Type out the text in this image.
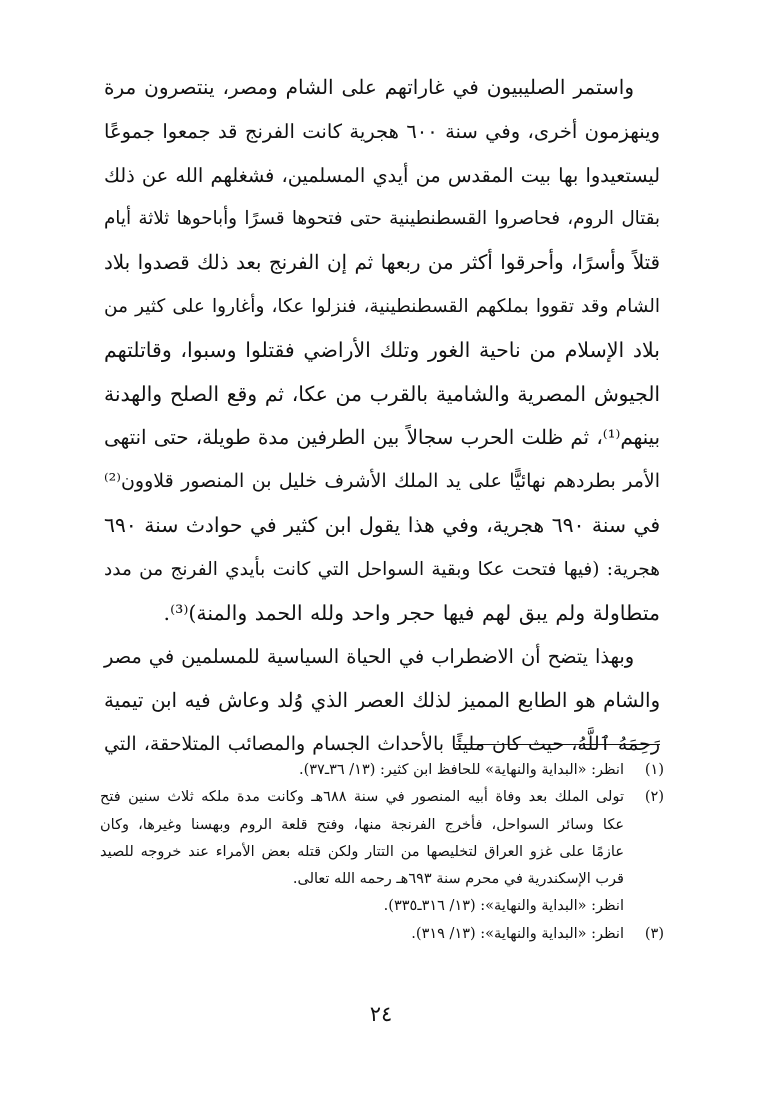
واستمر الصليبيون في غاراتهم على الشام ومصر، ينتصرون مرة
وينهزمون أخرى، وفي سنة ٦٠٠ هجرية كانت الفرنج قد جمعوا جموعًا
ليستعيدوا بها بيت المقدس من أيدي المسلمين، فشغلهم الله عن ذلك
بقتال الروم، فحاصروا القسطنطينية حتى فتحوها قسرًا وأباحوها ثلاثة أيام
قتلاً وأسرًا، وأحرقوا أكثر من ربعها ثم إن الفرنج بعد ذلك قصدوا بلاد
الشام وقد تقووا بملكهم القسطنطينية، فنزلوا عكا، وأغاروا على كثير من
بلاد الإسلام من ناحية الغور وتلك الأراضي فقتلوا وسبوا، وقاتلتهم
الجيوش المصرية والشامية بالقرب من عكا، ثم وقع الصلح والهدنة
بينهم⁽¹⁾، ثم ظلت الحرب سجالاً بين الطرفين مدة طويلة، حتى انتهى
الأمر بطردهم نهائيًّا على يد الملك الأشرف خليل بن المنصور قلاوون⁽²⁾
في سنة ٦٩٠ هجرية، وفي هذا يقول ابن كثير في حوادث سنة ٦٩٠
هجرية: (فيها فتحت عكا وبقية السواحل التي كانت بأيدي الفرنج من مدد
متطاولة ولم يبق لهم فيها حجر واحد ولله الحمد والمنة)⁽³⁾.
وبهذا يتضح أن الاضطراب في الحياة السياسية للمسلمين في مصر
والشام هو الطابع المميز لذلك العصر الذي وُلد وعاش فيه ابن تيمية
رَحِمَهُ ٱللَّهُ، حيث كان مليئًا بالأحداث الجسام والمصائب المتلاحقة، التي
(١)
انظر: «البداية والنهاية» للحافظ ابن كثير: (١٣/ ٣٦ـ٣٧).
(٢)
تولى الملك بعد وفاة أبيه المنصور في سنة ٦٨٨هـ وكانت مدة ملكه ثلاث سنين فتح
عكا وسائر السواحل، فأخرج الفرنجة منها، وفتح قلعة الروم وبهسنا وغيرها، وكان
عازمًا على غزو العراق لتخليصها من التتار ولكن قتله بعض الأمراء عند خروجه للصيد
قرب الإسكندرية في محرم سنة ٦٩٣هـ رحمه الله تعالى.
انظر: «البداية والنهاية»: (١٣/ ٣١٦ـ٣٣٥).
(٣)
انظر: «البداية والنهاية»: (١٣/ ٣١٩).
٢٤
